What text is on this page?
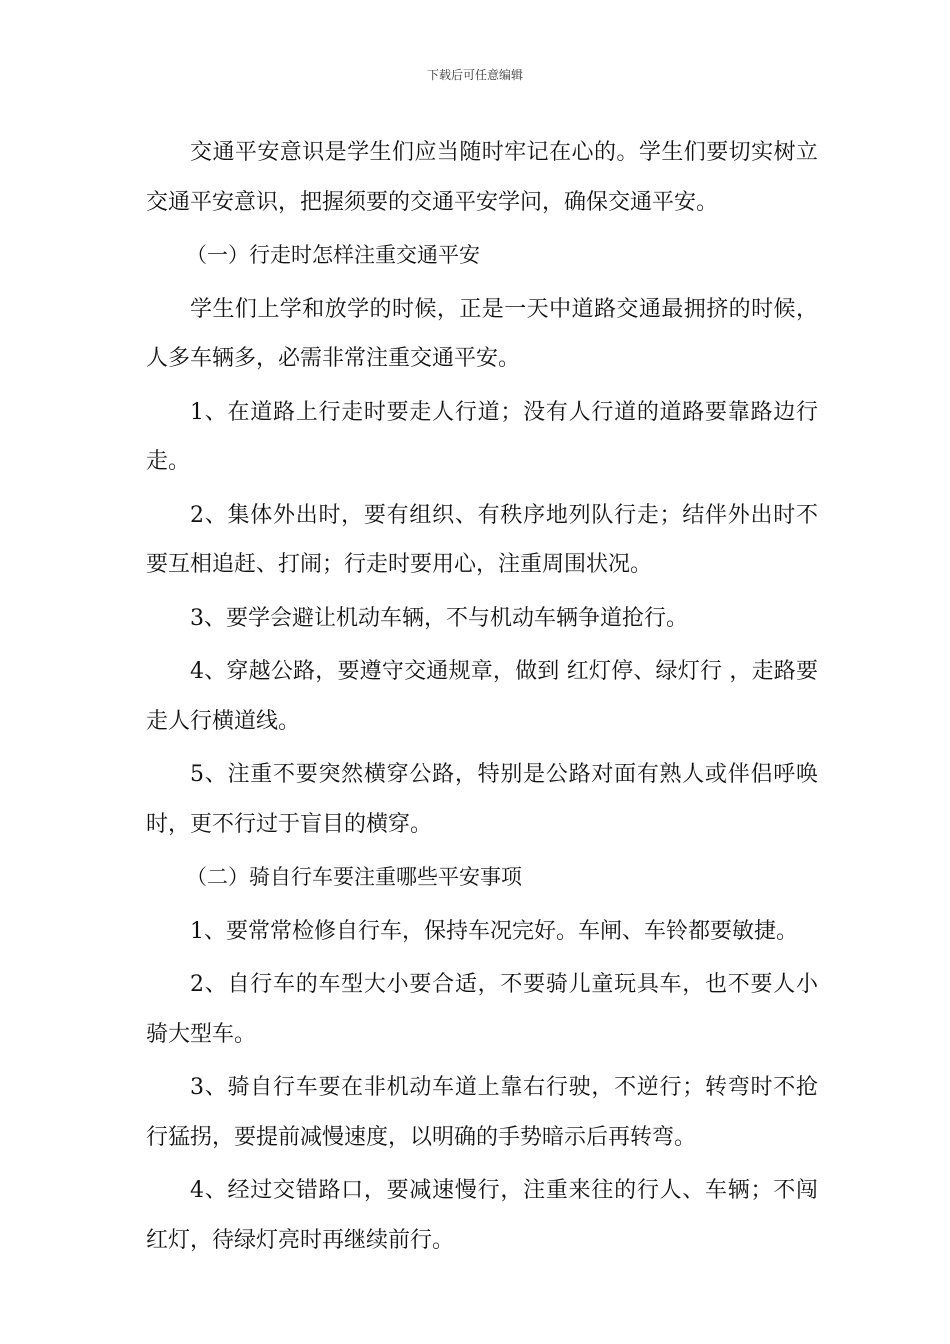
下载后可任意编辑

交通平安意识是学生们应当随时牢记在心的。学生们要切实树立交通平安意识，把握须要的交通平安学问，确保交通平安。

（一）行走时怎样注重交通平安

学生们上学和放学的时候，正是一天中道路交通最拥挤的时候，人多车辆多，必需非常注重交通平安。

1、在道路上行走时要走人行道；没有人行道的道路要靠路边行走。

2、集体外出时，要有组织、有秩序地列队行走；结伴外出时不要互相追赶、打闹；行走时要用心，注重周围状况。

3、要学会避让机动车辆，不与机动车辆争道抢行。

4、穿越公路，要遵守交通规章，做到 红灯停、绿灯行 ，走路要走人行横道线。

5、注重不要突然横穿公路，特别是公路对面有熟人或伴侣呼唤时，更不行过于盲目的横穿。

（二）骑自行车要注重哪些平安事项

1、要常常检修自行车，保持车况完好。车闸、车铃都要敏捷。

2、自行车的车型大小要合适，不要骑儿童玩具车，也不要人小骑大型车。

3、骑自行车要在非机动车道上靠右行驶，不逆行；转弯时不抢行猛拐，要提前减慢速度，以明确的手势暗示后再转弯。

4、经过交错路口，要减速慢行，注重来往的行人、车辆；不闯红灯，待绿灯亮时再继续前行。
